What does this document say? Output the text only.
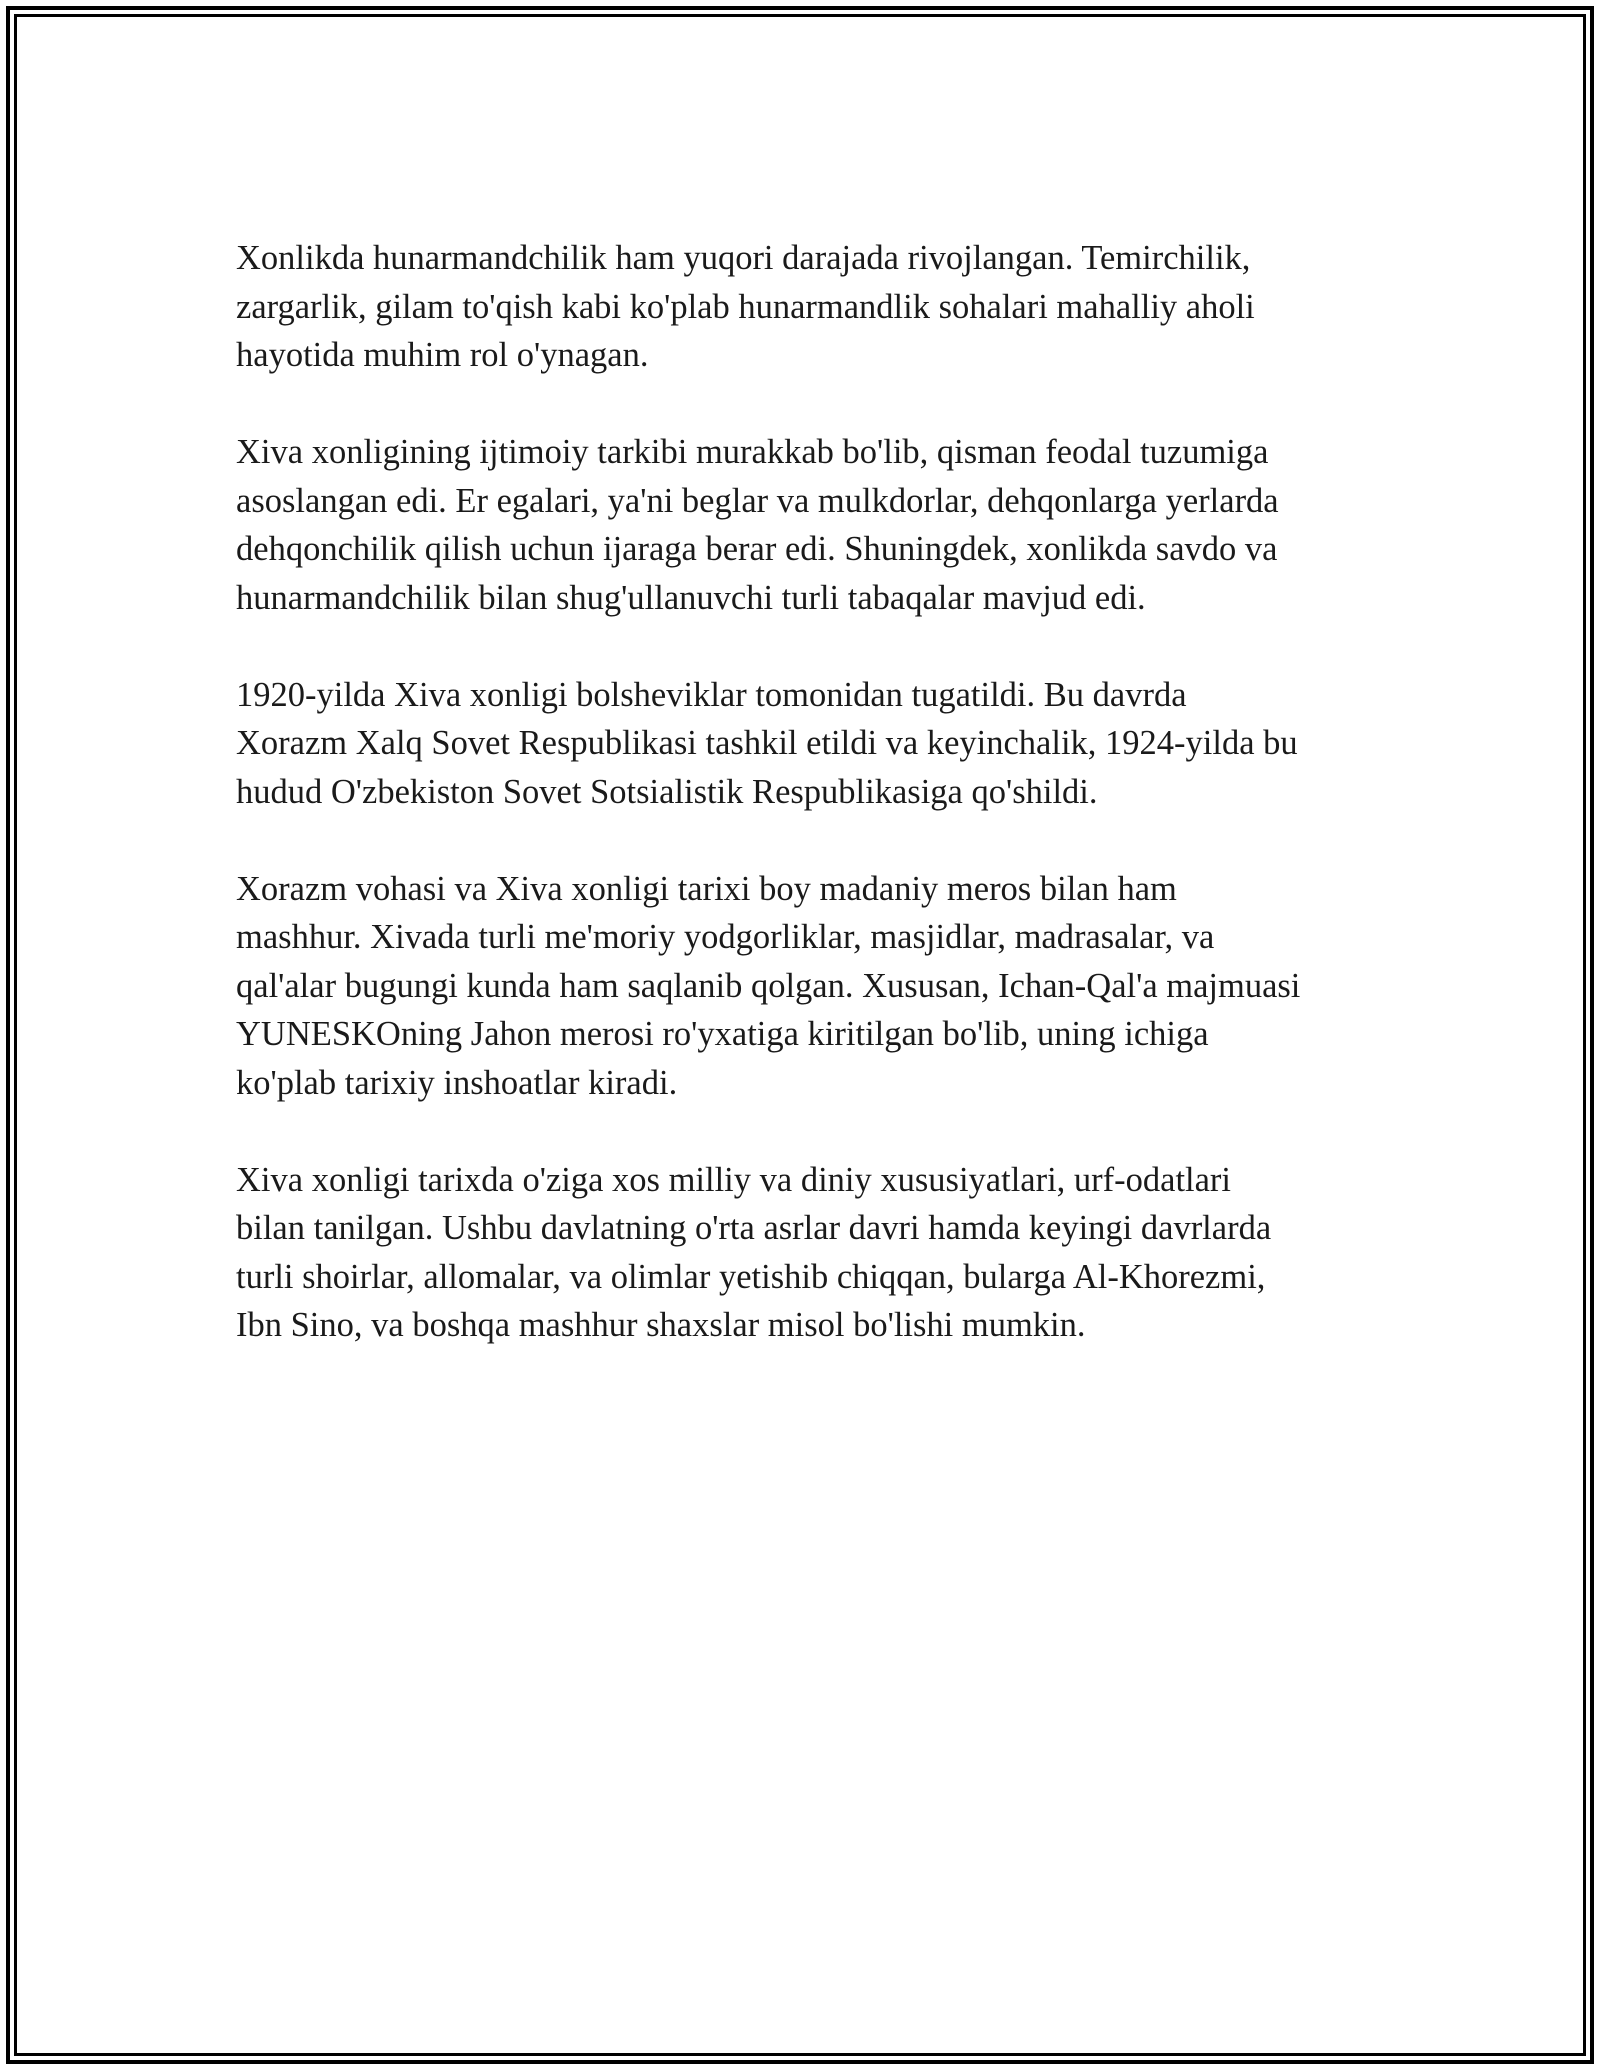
Xonlikda hunarmandchilik ham yuqori darajada rivojlangan. Temirchilik,
zargarlik, gilam to'qish kabi ko'plab hunarmandlik sohalari mahalliy aholi
hayotida muhim rol o'ynagan.

Xiva xonligining ijtimoiy tarkibi murakkab bo'lib, qisman feodal tuzumiga
asoslangan edi. Er egalari, ya'ni beglar va mulkdorlar, dehqonlarga yerlarda
dehqonchilik qilish uchun ijaraga berar edi. Shuningdek, xonlikda savdo va
hunarmandchilik bilan shug'ullanuvchi turli tabaqalar mavjud edi.

1920-yilda Xiva xonligi bolsheviklar tomonidan tugatildi. Bu davrda
Xorazm Xalq Sovet Respublikasi tashkil etildi va keyinchalik, 1924-yilda bu
hudud O'zbekiston Sovet Sotsialistik Respublikasiga qo'shildi.

Xorazm vohasi va Xiva xonligi tarixi boy madaniy meros bilan ham
mashhur. Xivada turli me'moriy yodgorliklar, masjidlar, madrasalar, va
qal'alar bugungi kunda ham saqlanib qolgan. Xususan, Ichan-Qal'a majmuasi
YUNESKOning Jahon merosi ro'yxatiga kiritilgan bo'lib, uning ichiga
ko'plab tarixiy inshoatlar kiradi.

Xiva xonligi tarixda o'ziga xos milliy va diniy xususiyatlari, urf-odatlari
bilan tanilgan. Ushbu davlatning o'rta asrlar davri hamda keyingi davrlarda
turli shoirlar, allomalar, va olimlar yetishib chiqqan, bularga Al-Khorezmi,
Ibn Sino, va boshqa mashhur shaxslar misol bo'lishi mumkin.
